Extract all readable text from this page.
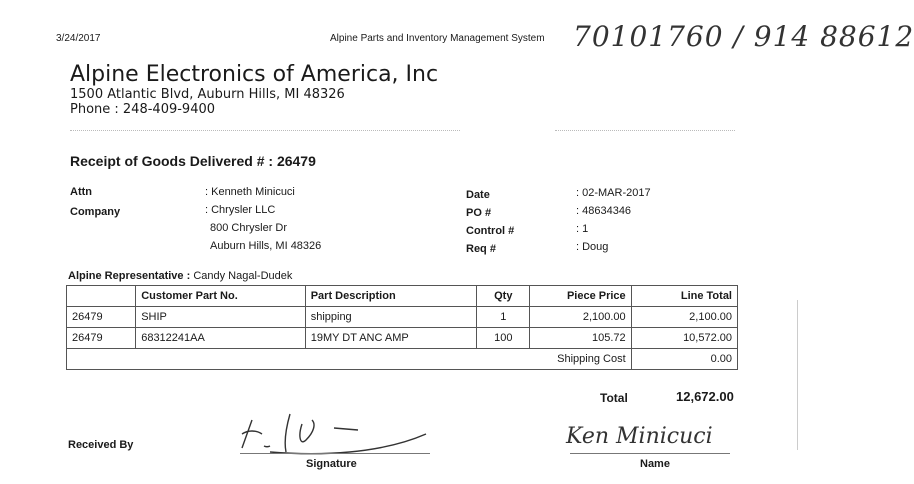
3/24/2017	Alpine Parts and Inventory Management System 70101760 / 914 88612
Alpine Electronics of America, Inc
1500 Atlantic Blvd, Auburn Hills, MI 48326
Phone : 248-409-9400
Receipt of Goods Delivered # : 26479
Attn	: Kenneth Minicuci
Company	: Chrysler LLC
800 Chrysler Dr
Auburn Hills, MI 48326
Date	: 02-MAR-2017
PO #	: 48634346
Control #	: 1
Req #	: Doug
Alpine Representative : Candy Nagal-Dudek
	Customer Part No.	Part Description	Qty	Piece Price	Line Total
26479	SHIP	shipping	1	2,100.00	2,100.00
26479	68312241AA	19MY DT ANC AMP	100	105.72	10,572.00
Shipping Cost					0.00
Total	12,672.00
Received By
Signature
Ken Minicuci
Name
